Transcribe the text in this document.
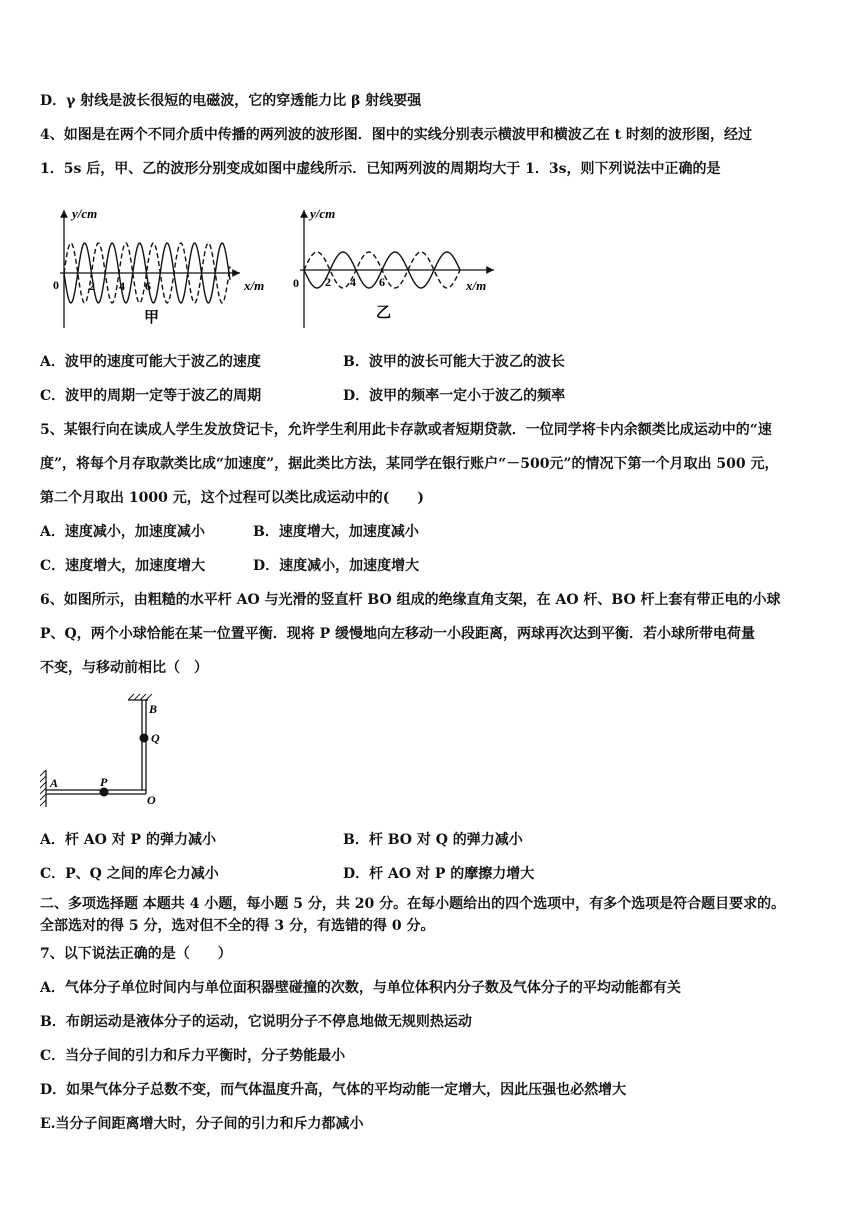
D．γ 射线是波长很短的电磁波，它的穿透能力比 β 射线要强
4、如图是在两个不同介质中传播的两列波的波形图．图中的实线分别表示横波甲和横波乙在 t 时刻的波形图，经过
1．5s 后，甲、乙的波形分别变成如图中虚线所示．已知两列波的周期均大于 1．3s，则下列说法中正确的是
y/cm
x/m
0	2 4 6
甲
y/cm
x/m
0 2 4 6
乙
A．波甲的速度可能大于波乙的速度	B．波甲的波长可能大于波乙的波长
C．波甲的周期一定等于波乙的周期	D．波甲的频率一定小于波乙的频率
5、某银行向在读成人学生发放贷记卡，允许学生利用此卡存款或者短期贷款．一位同学将卡内余额类比成运动中的“速
度”，将每个月存取款类比成“加速度”，据此类比方法，某同学在银行账户“－500元”的情况下第一个月取出 500 元，
第二个月取出 1000 元，这个过程可以类比成运动中的(　　)
A．速度减小，加速度减小	B．速度增大，加速度减小
C．速度增大，加速度增大	D．速度减小，加速度增大
6、如图所示，由粗糙的水平杆 AO 与光滑的竖直杆 BO 组成的绝缘直角支架，在 AO 杆、BO 杆上套有带正电的小球
P、Q，两个小球恰能在某一位置平衡．现将 P 缓慢地向左移动一小段距离，两球再次达到平衡．若小球所带电荷量
不变，与移动前相比（　）
A
B
Q
P
O
A．杆 AO 对 P 的弹力减小	B．杆 BO 对 Q 的弹力减小
C．P、Q 之间的库仑力减小	D．杆 AO 对 P 的摩擦力增大
二、多项选择题 本题共 4 小题，每小题 5 分，共 20 分。在每小题给出的四个选项中，有多个选项是符合题目要求的。
全部选对的得 5 分，选对但不全的得 3 分，有选错的得 0 分。
7、以下说法正确的是（　　）
A．气体分子单位时间内与单位面积器壁碰撞的次数，与单位体积内分子数及气体分子的平均动能都有关
B．布朗运动是液体分子的运动，它说明分子不停息地做无规则热运动
C．当分子间的引力和斥力平衡时，分子势能最小
D．如果气体分子总数不变，而气体温度升高，气体的平均动能一定增大，因此压强也必然增大
E.当分子间距离增大时，分子间的引力和斥力都减小
